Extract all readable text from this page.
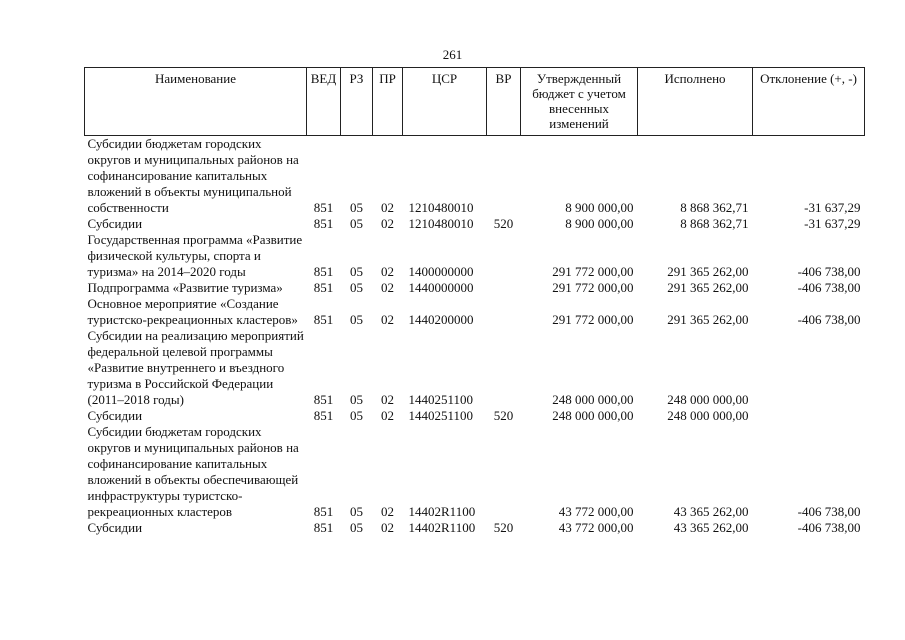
261
Наименование	ВЕД	РЗ	ПР	ЦСР	ВР	Утвержденный бюджет с учетом внесенных изменений	Исполнено	Отклонение (+, -)
Субсидии бюджетам городских округов и муниципальных районов на софинансирование капитальных вложений в объекты муниципальной собственности	851	05	02	1210480010		8 900 000,00	8 868 362,71	-31 637,29
Субсидии	851	05	02	1210480010	520	8 900 000,00	8 868 362,71	-31 637,29
Государственная программа «Развитие физической культуры, спорта и туризма» на 2014–2020 годы	851	05	02	1400000000		291 772 000,00	291 365 262,00	-406 738,00
Подпрограмма «Развитие туризма»	851	05	02	1440000000		291 772 000,00	291 365 262,00	-406 738,00
Основное мероприятие «Создание туристско-рекреационных кластеров»	851	05	02	1440200000		291 772 000,00	291 365 262,00	-406 738,00
Субсидии на реализацию мероприятий федеральной целевой программы «Развитие внутреннего и въездного туризма в Российской Федерации (2011–2018 годы)	851	05	02	1440251100		248 000 000,00	248 000 000,00	
Субсидии	851	05	02	1440251100	520	248 000 000,00	248 000 000,00	
Субсидии бюджетам городских округов и муниципальных районов на софинансирование капитальных вложений в объекты обеспечивающей инфраструктуры туристско-рекреационных кластеров	851	05	02	14402R1100		43 772 000,00	43 365 262,00	-406 738,00
Субсидии	851	05	02	14402R1100	520	43 772 000,00	43 365 262,00	-406 738,00
